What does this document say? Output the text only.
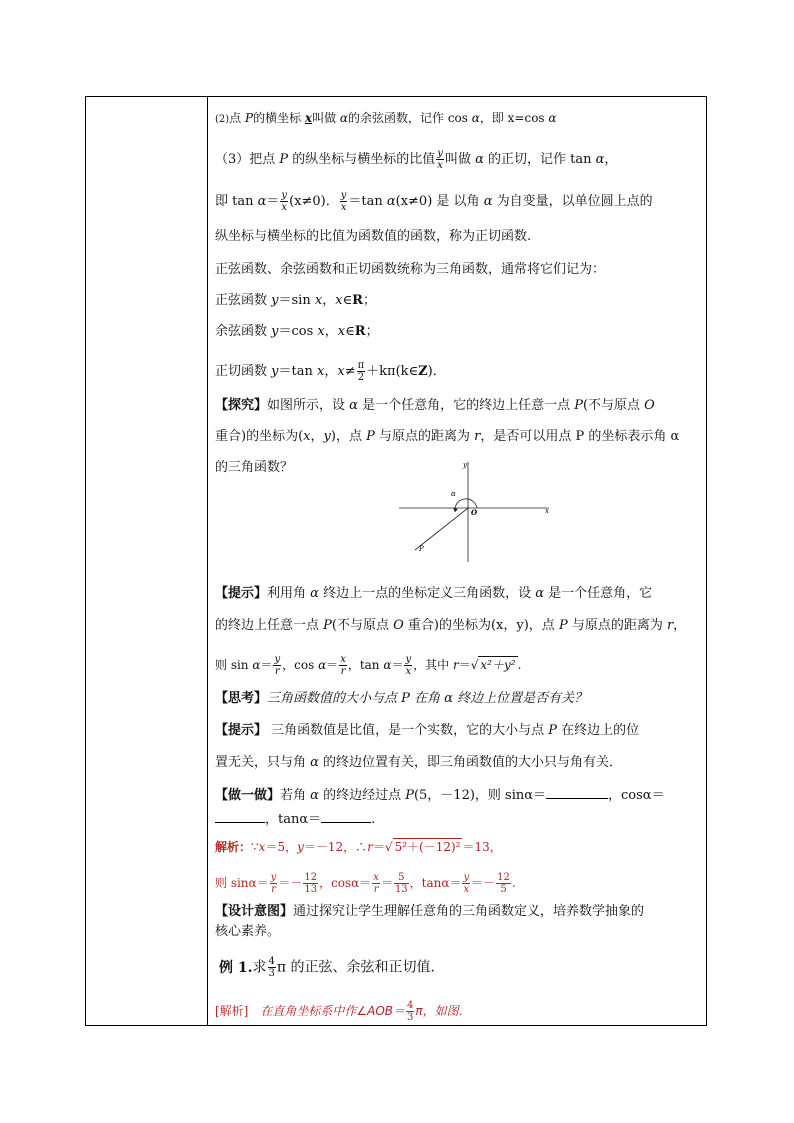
(2)点 P的横坐标 x叫做 α的余弦函数，记作 cos α，即 x=cos α
（3）把点 P 的纵坐标与横坐标的比值 $\frac{y}{x}$ 叫做 α 的正切，记作 tan α，
即 $\tan \alpha= \frac{y}{x} (x\ne 0)$． $\frac{y}{x} =\tan$ α(x≠0) 是 以角 α 为自变量，以单位圆上点的
纵坐标与横坐标的比值为函数值的函数，称为正切函数.
正弦函数、余弦函数和正切函数统称为三角函数，通常将它们记为：
正弦函数 y＝sin x，x∈R；
余弦函数 y＝cos x，x∈R；
正切函数 y＝tan x，$x\ne \frac{\pi}{2}$ ＋kπ(k∈Z)．
【探究】如图所示，设 α 是一个任意角，它的终边上任意一点 P(不与原点 O
重合)的坐标为(x，y)，点 P 与原点的距离为 r，是否可以用点 P 的坐标表示角 α
的三角函数？	y
x
O
α
P
【提示】利用角 α 终边上一点的坐标定义三角函数，设 α 是一个任意角，它
的终边上任意一点 P(不与原点 O 重合)的坐标为(x，y)，点 P 与原点的距离为 r，
则 $\sin \alpha= \frac{y}{r}$ ，$\cos \alpha= \frac{x}{r}$ ，$\tan \alpha= \frac{y}{x}$ ，其中 r＝√ x²＋y² .
【思考】三角函数值的大小与点 P 在角 α 终边上位置是否有关？
【提示】 三角函数值是比值，是一个实数，它的大小与点 P 在终边上的位
置无关，只与角 α 的终边位置有关，即三角函数值的大小只与角有关．
【做一做】若角 α 的终边经过点 P(5，－12)，则 sinα＝	，cosα＝
，tanα＝	.
解析：∵x＝5，y＝－12，∴r＝√ 5²＋(－12)² ＝13，
则 $\sin\alpha= \frac{y}{r} =- \frac{12}{13}$ ，$\cos\alpha= \frac{x}{r} = \frac{5}{13}$ ，$\tan\alpha= \frac{y}{x} =- \frac{12}{5}$ .
【设计意图】通过探究让学生理解任意角的三角函数定义，培养数学抽象的
核心素养。
例 1.求 $\frac{4}{3}$ π 的正弦、余弦和正切值．
[解析] 在直角坐标系中作∠AOB＝ $\frac{4}{3}$ π，如图．
